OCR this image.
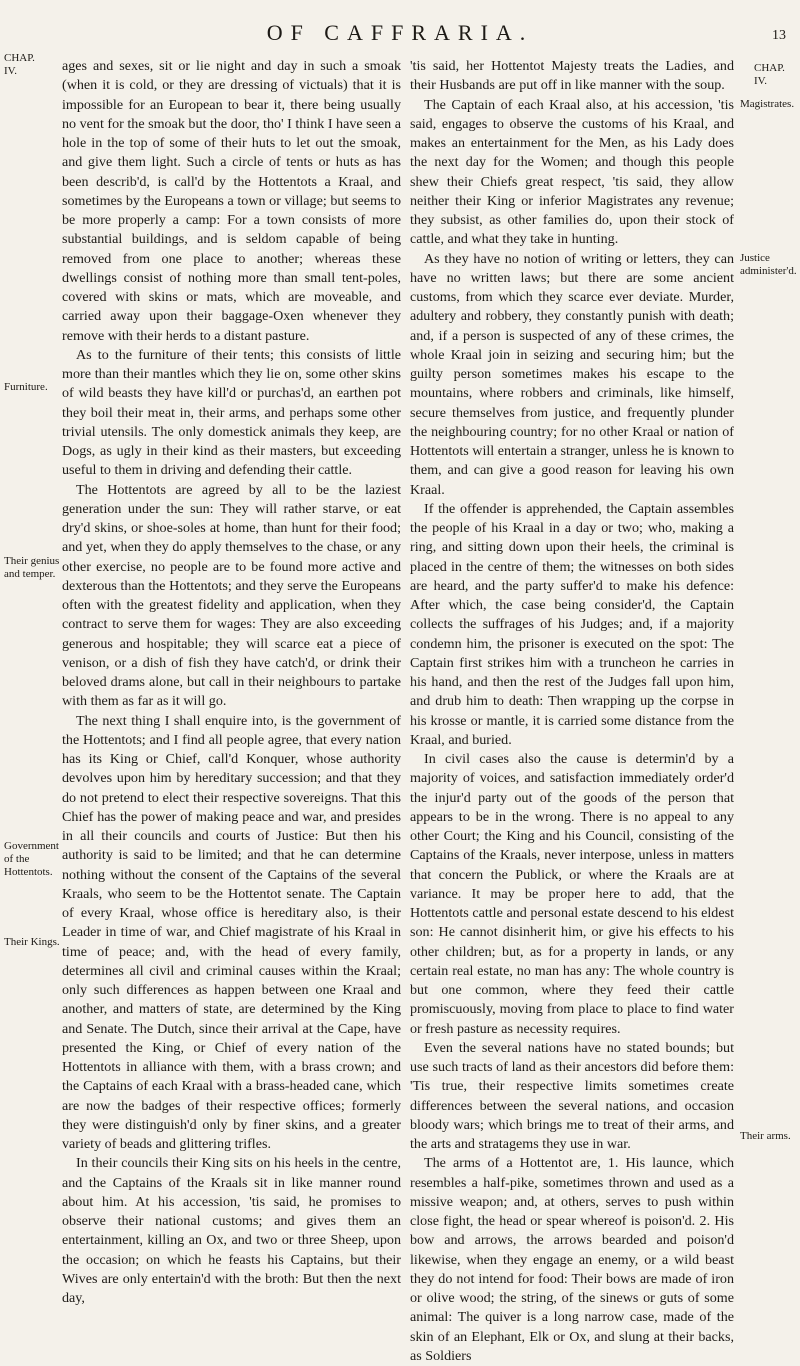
OF CAFFRARIA.	13
CHAP. IV.	CHAP. IV.
Furniture.
Their genius and temper.
Government of the Hottentots.
Their Kings.
Magistrates.
Justice administer'd.
Their arms.

ages and sexes, sit or lie night and day in such a smoak (when it is cold, or they are dressing of victuals) that it is impossible for an European to bear it, there being usually no vent for the smoak but the door, tho' I think I have seen a hole in the top of some of their huts to let out the smoak, and give them light. Such a circle of tents or huts as has been describ'd, is call'd by the Hottentots a Kraal, and sometimes by the Europeans a town or village; but seems to be more properly a camp: For a town consists of more substantial buildings, and is seldom capable of being removed from one place to another; whereas these dwellings consist of nothing more than small tent-poles, covered with skins or mats, which are moveable, and carried away upon their baggage-Oxen whenever they remove with their herds to a distant pasture.

As to the furniture of their tents; this consists of little more than their mantles which they lie on, some other skins of wild beasts they have kill'd or purchas'd, an earthen pot they boil their meat in, their arms, and perhaps some other trivial utensils. The only domestick animals they keep, are Dogs, as ugly in their kind as their masters, but exceeding useful to them in driving and defending their cattle.

The Hottentots are agreed by all to be the laziest generation under the sun: They will rather starve, or eat dry'd skins, or shoe-soles at home, than hunt for their food; and yet, when they do apply themselves to the chase, or any other exercise, no people are to be found more active and dexterous than the Hottentots; and they serve the Europeans often with the greatest fidelity and application, when they contract to serve them for wages: They are also exceeding generous and hospitable; they will scarce eat a piece of venison, or a dish of fish they have catch'd, or drink their beloved drams alone, but call in their neighbours to partake with them as far as it will go.

The next thing I shall enquire into, is the government of the Hottentots; and I find all people agree, that every nation has its King or Chief, call'd Konquer, whose authority devolves upon him by hereditary succession; and that they do not pretend to elect their respective sovereigns. That this Chief has the power of making peace and war, and presides in all their councils and courts of Justice: But then his authority is said to be limited; and that he can determine nothing without the consent of the Captains of the several Kraals, who seem to be the Hottentot senate. The Captain of every Kraal, whose office is hereditary also, is their Leader in time of war, and Chief magistrate of his Kraal in time of peace; and, with the head of every family, determines all civil and criminal causes within the Kraal; only such differences as happen between one Kraal and another, and matters of state, are determined by the King and Senate. The Dutch, since their arrival at the Cape, have presented the King, or Chief of every nation of the Hottentots in alliance with them, with a brass crown; and the Captains of each Kraal with a brass-headed cane, which are now the badges of their respective offices; formerly they were distinguish'd only by finer skins, and a greater variety of beads and glittering trifles.

In their councils their King sits on his heels in the centre, and the Captains of the Kraals sit in like manner round about him. At his accession, 'tis said, he promises to observe their national customs; and gives them an entertainment, killing an Ox, and two or three Sheep, upon the occasion; on which he feasts his Captains, but their Wives are only entertain'd with the broth: But then the next day,

'tis said, her Hottentot Majesty treats the Ladies, and their Husbands are put off in like manner with the soup.

The Captain of each Kraal also, at his accession, 'tis said, engages to observe the customs of his Kraal, and makes an entertainment for the Men, as his Lady does the next day for the Women; and though this people shew their Chiefs great respect, 'tis said, they allow neither their King or inferior Magistrates any revenue; they subsist, as other families do, upon their stock of cattle, and what they take in hunting.

As they have no notion of writing or letters, they can have no written laws; but there are some ancient customs, from which they scarce ever deviate. Murder, adultery and robbery, they constantly punish with death; and, if a person is suspected of any of these crimes, the whole Kraal join in seizing and securing him; but the guilty person sometimes makes his escape to the mountains, where robbers and criminals, like himself, secure themselves from justice, and frequently plunder the neighbouring country; for no other Kraal or nation of Hottentots will entertain a stranger, unless he is known to them, and can give a good reason for leaving his own Kraal.

If the offender is apprehended, the Captain assembles the people of his Kraal in a day or two; who, making a ring, and sitting down upon their heels, the criminal is placed in the centre of them; the witnesses on both sides are heard, and the party suffer'd to make his defence: After which, the case being consider'd, the Captain collects the suffrages of his Judges; and, if a majority condemn him, the prisoner is executed on the spot: The Captain first strikes him with a truncheon he carries in his hand, and then the rest of the Judges fall upon him, and drub him to death: Then wrapping up the corpse in his krosse or mantle, it is carried some distance from the Kraal, and buried.

In civil cases also the cause is determin'd by a majority of voices, and satisfaction immediately order'd the injur'd party out of the goods of the person that appears to be in the wrong. There is no appeal to any other Court; the King and his Council, consisting of the Captains of the Kraals, never interpose, unless in matters that concern the Publick, or where the Kraals are at variance. It may be proper here to add, that the Hottentots cattle and personal estate descend to his eldest son: He cannot disinherit him, or give his effects to his other children; but, as for a property in lands, or any certain real estate, no man has any: The whole country is but one common, where they feed their cattle promiscuously, moving from place to place to find water or fresh pasture as necessity requires.

Even the several nations have no stated bounds; but use such tracts of land as their ancestors did before them: 'Tis true, their respective limits sometimes create differences between the several nations, and occasion bloody wars; which brings me to treat of their arms, and the arts and stratagems they use in war.

The arms of a Hottentot are, 1. His launce, which resembles a half-pike, sometimes thrown and used as a missive weapon; and, at others, serves to push within close fight, the head or spear whereof is poison'd. 2. His bow and arrows, the arrows bearded and poison'd likewise, when they engage an enemy, or a wild beast they do not intend for food: Their bows are made of iron or olive wood; the string, of the sinews or guts of some animal: The quiver is a long narrow case, made of the skin of an Elephant, Elk or Ox, and slung at their backs, as Soldiers
